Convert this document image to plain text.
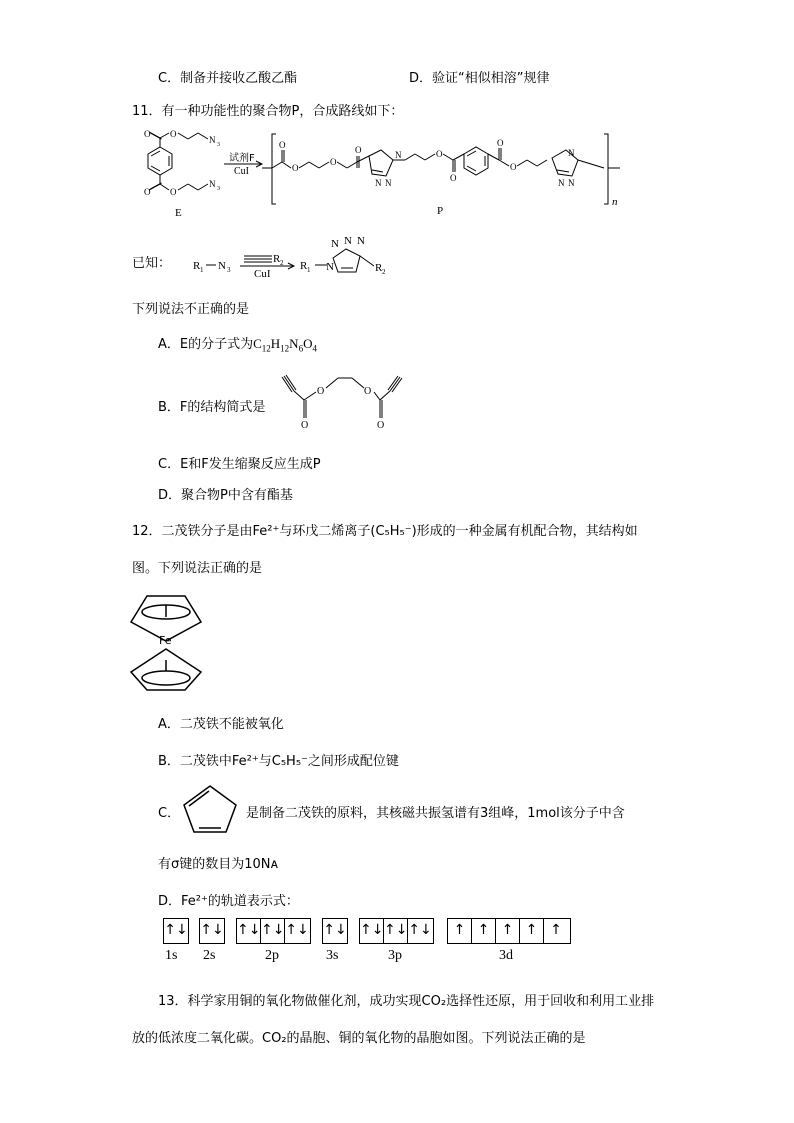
C．制备并接收乙酸乙酯	D．验证“相似相溶”规律
11．有一种功能性的聚合物P，合成路线如下：
O O
N 3
O O
N 3
O
O
O
O	N
N N
O
O
O
O
N
N N
试剂F
CuI
E	P
n
已知： R 1 N 3
R 2 R 1 N
N N N
R 2
CuI
下列说法不正确的是
A．E的分子式为$C_{12}H_{12}N_6O_4$
B．F的结构简式是
O	O
O	O
C．E和F发生缩聚反应生成P
D．聚合物P中含有酯基
12．二茂铁分子是由Fe²⁺与环戊二烯离子(C₅H₅⁻)形成的一种金属有机配合物，其结构如
图。下列说法正确的是
Fe
A．二茂铁不能被氧化
B．二茂铁中Fe²⁺与C₅H₅⁻之间形成配位键
C．	是制备二茂铁的原料，其核磁共振氢谱有3组峰，1mol该分子中含
有σ键的数目为10Nᴀ
D．Fe²⁺的轨道表示式：
↑↓ ↑↓ ↑↓↑↓↑↓ ↑↓ ↑↓↑↓↑↓	↑ ↑ ↑ ↑ ↑
1s 2s	2p	3s	3p	3d
13．科学家用铜的氧化物做催化剂，成功实现CO₂选择性还原，用于回收和利用工业排
放的低浓度二氧化碳。CO₂的晶胞、铜的氧化物的晶胞如图。下列说法正确的是
